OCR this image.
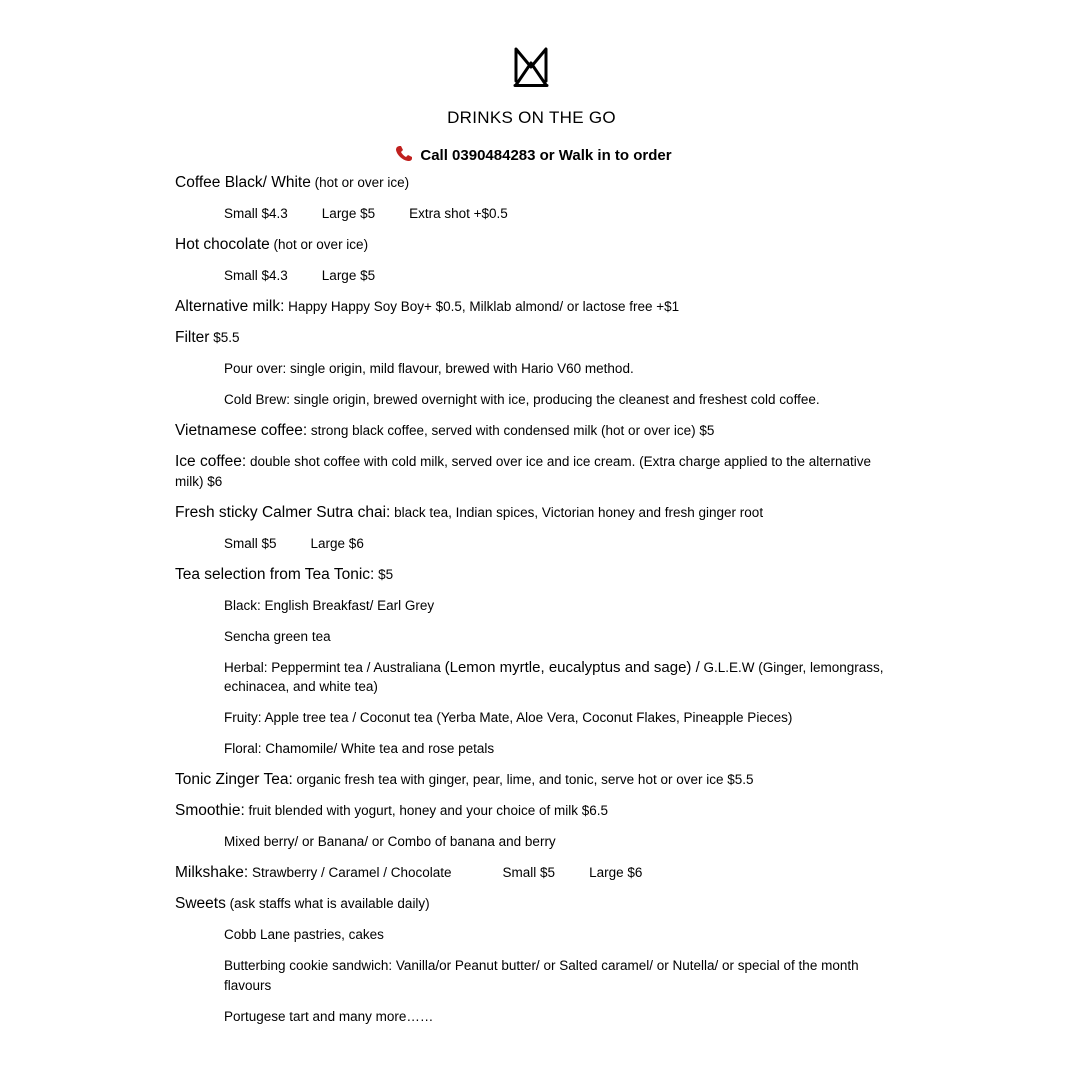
DRINKS ON THE GO
Call 0390484283 or Walk in to order
Coffee Black/ White (hot or over ice)
Small $4.3	Large $5	Extra shot +$0.5
Hot chocolate (hot or over ice)
Small $4.3	Large $5
Alternative milk: Happy Happy Soy Boy+ $0.5, Milklab almond/ or lactose free +$1
Filter $5.5
Pour over: single origin, mild flavour, brewed with Hario V60 method.
Cold Brew: single origin, brewed overnight with ice, producing the cleanest and freshest cold coffee.
Vietnamese coffee: strong black coffee, served with condensed milk (hot or over ice) $5
Ice coffee: double shot coffee with cold milk, served over ice and ice cream. (Extra charge applied to the alternative milk) $6
Fresh sticky Calmer Sutra chai: black tea, Indian spices, Victorian honey and fresh ginger root
Small $5	Large $6
Tea selection from Tea Tonic: $5
Black: English Breakfast/ Earl Grey
Sencha green tea
Herbal: Peppermint tea / Australiana (Lemon myrtle, eucalyptus and sage) / G.L.E.W (Ginger, lemongrass, echinacea, and white tea)
Fruity: Apple tree tea / Coconut tea (Yerba Mate, Aloe Vera, Coconut Flakes, Pineapple Pieces)
Floral: Chamomile/ White tea and rose petals
Tonic Zinger Tea: organic fresh tea with ginger, pear, lime, and tonic, serve hot or over ice $5.5
Smoothie: fruit blended with yogurt, honey and your choice of milk $6.5
Mixed berry/ or Banana/ or Combo of banana and berry
Milkshake: Strawberry / Caramel / Chocolate	Small $5	Large $6
Sweets (ask staffs what is available daily)
Cobb Lane pastries, cakes
Butterbing cookie sandwich: Vanilla/or Peanut butter/ or Salted caramel/ or Nutella/ or special of the month flavours
Portugese tart and many more……
